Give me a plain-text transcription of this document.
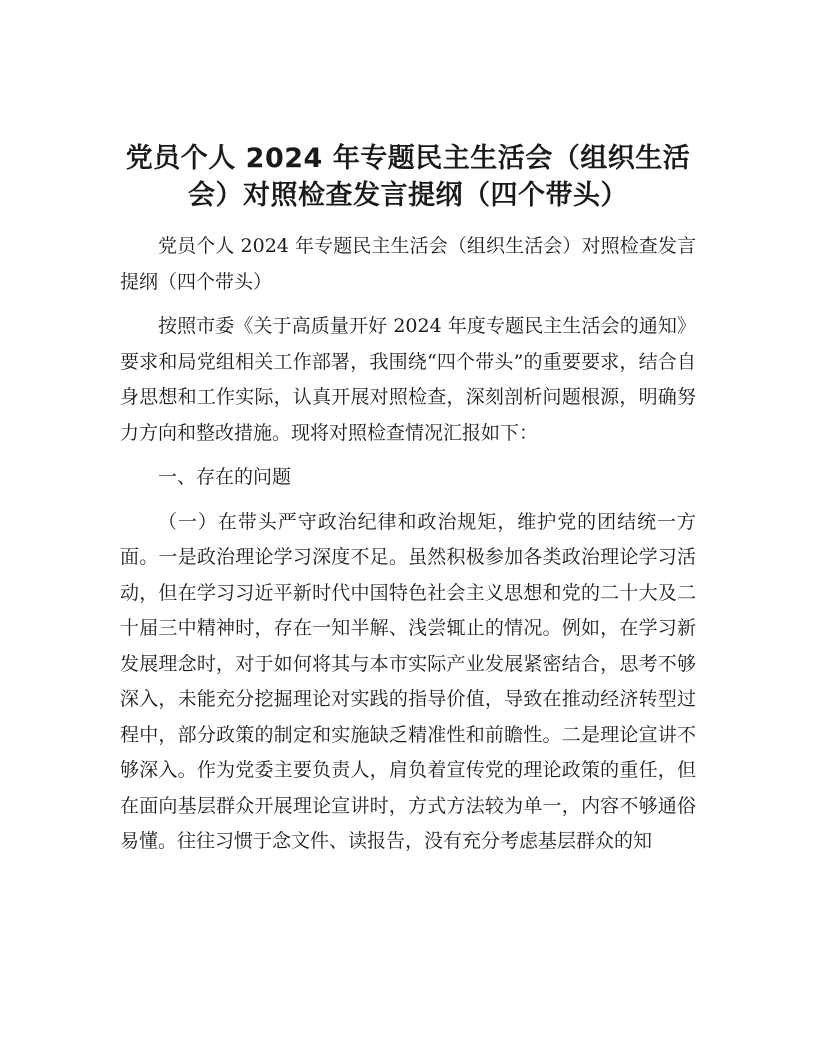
党员个人 2024 年专题民主生活会（组织生活
会）对照检查发言提纲（四个带头）

党员个人 2024 年专题民主生活会（组织生活会）对照检查发言提纲（四个带头）

按照市委《关于高质量开好 2024 年度专题民主生活会的通知》要求和局党组相关工作部署，我围绕“四个带头”的重要要求，结合自身思想和工作实际，认真开展对照检查，深刻剖析问题根源，明确努力方向和整改措施。现将对照检查情况汇报如下：

一、存在的问题

（一）在带头严守政治纪律和政治规矩，维护党的团结统一方面。一是政治理论学习深度不足。虽然积极参加各类政治理论学习活动，但在学习习近平新时代中国特色社会主义思想和党的二十大及二十届三中精神时，存在一知半解、浅尝辄止的情况。例如，在学习新发展理念时，对于如何将其与本市实际产业发展紧密结合，思考不够深入，未能充分挖掘理论对实践的指导价值，导致在推动经济转型过程中，部分政策的制定和实施缺乏精准性和前瞻性。二是理论宣讲不够深入。作为党委主要负责人，肩负着宣传党的理论政策的重任，但在面向基层群众开展理论宣讲时，方式方法较为单一，内容不够通俗易懂。往往习惯于念文件、读报告，没有充分考虑基层群众的知
